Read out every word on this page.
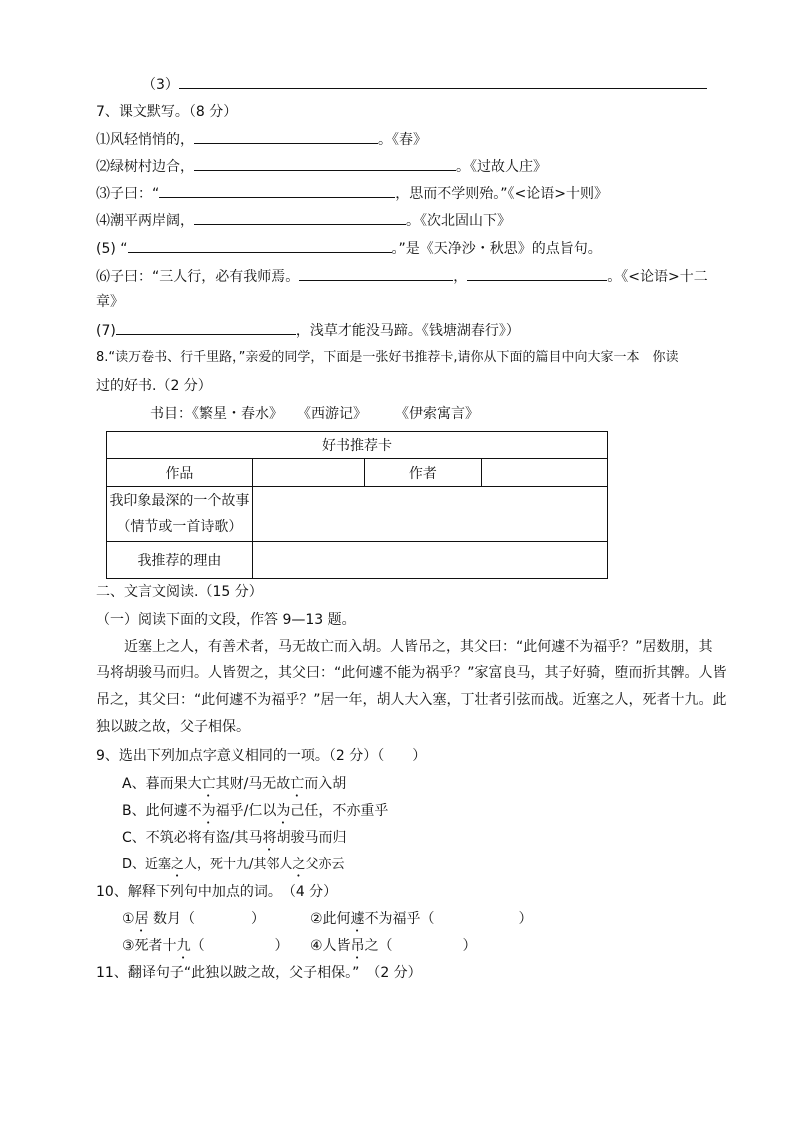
（3）
7、课文默写。（8 分）
⑴风轻悄悄的，	。《春》
⑵绿树村边合，	。《过故人庄》
⑶子曰：“	，思而不学则殆。”《<论语>十则》
⑷潮平两岸阔，	。《次北固山下》
(5) “	。”是《天净沙・秋思》的点旨句。
⑹子曰：“三人行，必有我师焉。	，	。《<论语>十二
章》
(7)	，浅草才能没马蹄。《钱塘湖春行》）
8.“读万卷书、行千里路，”亲爱的同学，下面是一张好书推荐卡,请你从下面的篇目中向大家一本　你读
过的好书.（2 分）
书目：《繁星・春水》　　《西游记》　　　《伊索寓言》
好书推荐卡			
作品		作者	

我印象最深的一个故事
（情节或一首诗歌）			

我推荐的理由			
二、文言文阅读.（15 分）
（一）阅读下面的文段，作答 9—13 题。
近塞上之人，有善术者，马无故亡而入胡。人皆吊之，其父曰：“此何遽不为福乎？”居数朋，其
马将胡骏马而归。人皆贺之，其父曰：“此何遽不能为祸乎？”家富良马，其子好骑，堕而折其髀。人皆
吊之，其父曰：“此何遽不为福乎？”居一年，胡人大入塞，丁壮者引弦而战。近塞之人，死者十九。此
独以跛之故，父子相保。
9、选出下列加点字意义相同的一项。（2 分）（　　）
A、暮而果大亡其财/马无故亡而入胡
B、此何遽不为福乎/仁以为己任，不亦重乎
C、不筑必将有盗/其马将胡骏马而归
D、近塞之人，死十九/其邻人之父亦云
10、解释下列句中加点的词。　（4 分）
①居 数月（　　　　）	②此何遽不为福乎（　　　　　　）
③死者十九（　　　　　） ④人皆吊之（　　　　　）
11、翻译句子“此独以跛之故，父子相保。”　（2 分）
